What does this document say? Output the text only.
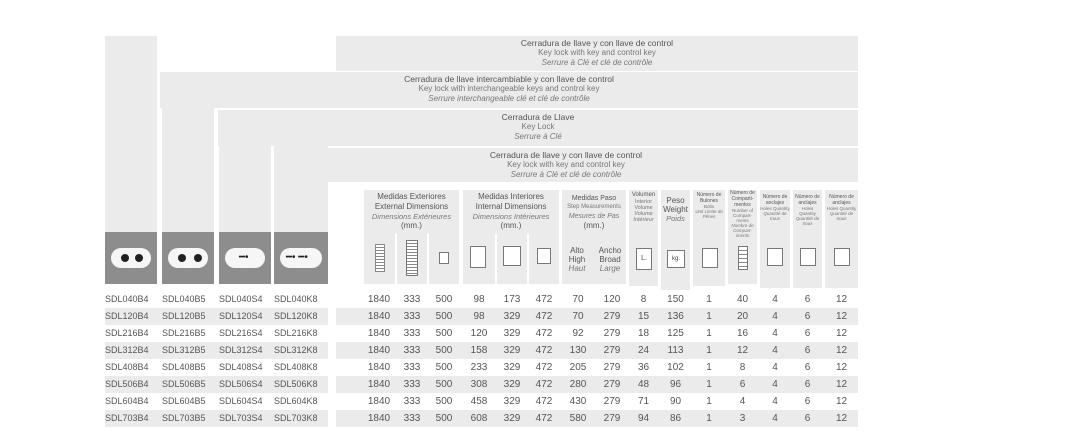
Cerradura de llave y con llave de control
Key lock with key and control key
Serrure à Clé et clé de contrôle
Cerradura de llave intercambiable y con llave de control
Key lock with interchangeable keys and control key
Serrure interchangeable clé et clé de contrôle
Cerradura de Llave
Key Lock
Serrure à Clé
Cerradura de llave y con llave de control
Key lock with key and control key
Serrure à Clé et clé de contrôle
━•	━• ━•
Medidas Exteriores
External Dimensions
Dimensions Extérieures
(mm.)
Medidas Interiores
Internal Dimensions
Dimensions Intérieures
(mm.)
Medidas Paso
Step Measurements
Mesures de Pas
(mm.)
Volumen
Interior Volume
Volume Intérieur
Peso
Weight
Poids
Número de Bulones
Bolts
Unit Limite de Pênes
Número de Comparti-mentos
Number of Compart-ments
Nombre de Compart-iments
Número de anclajes
Holes Quantity
Quantité de trous
Número de anclajes
Holes Quantity
Quantité de trous
Número de anclajes
Holes Quantity
Quantité de trous
Alto
High
Haut
Ancho
Broad
Large
L.	kg.
SDL040B4	SDL040B5	SDL040S4	SDL040K8	1840	333	500	98	173	472	70	120	8	150	1	40	4	6	12
SDL120B4	SDL120B5	SDL120S4	SDL120K8	1840	333	500	98	329	472	70	279	15	136	1	20	4	6	12
SDL216B4	SDL216B5	SDL216S4	SDL216K8	1840	333	500	120	329	472	92	279	18	125	1	16	4	6	12
SDL312B4	SDL312B5	SDL312S4	SDL312K8	1840	333	500	158	329	472	130	279	24	113	1	12	4	6	12
SDL408B4	SDL408B5	SDL408S4	SDL408K8	1840	333	500	233	329	472	205	279	36	102	1	8	4	6	12
SDL506B4	SDL506B5	SDL506S4	SDL506K8	1840	333	500	308	329	472	280	279	48	96	1	6	4	6	12
SDL604B4	SDL604B5	SDL604S4	SDL604K8	1840	333	500	458	329	472	430	279	71	90	1	4	4	6	12
SDL703B4	SDL703B5	SDL703S4	SDL703K8	1840	333	500	608	329	472	580	279	94	86	1	3	4	6	12
